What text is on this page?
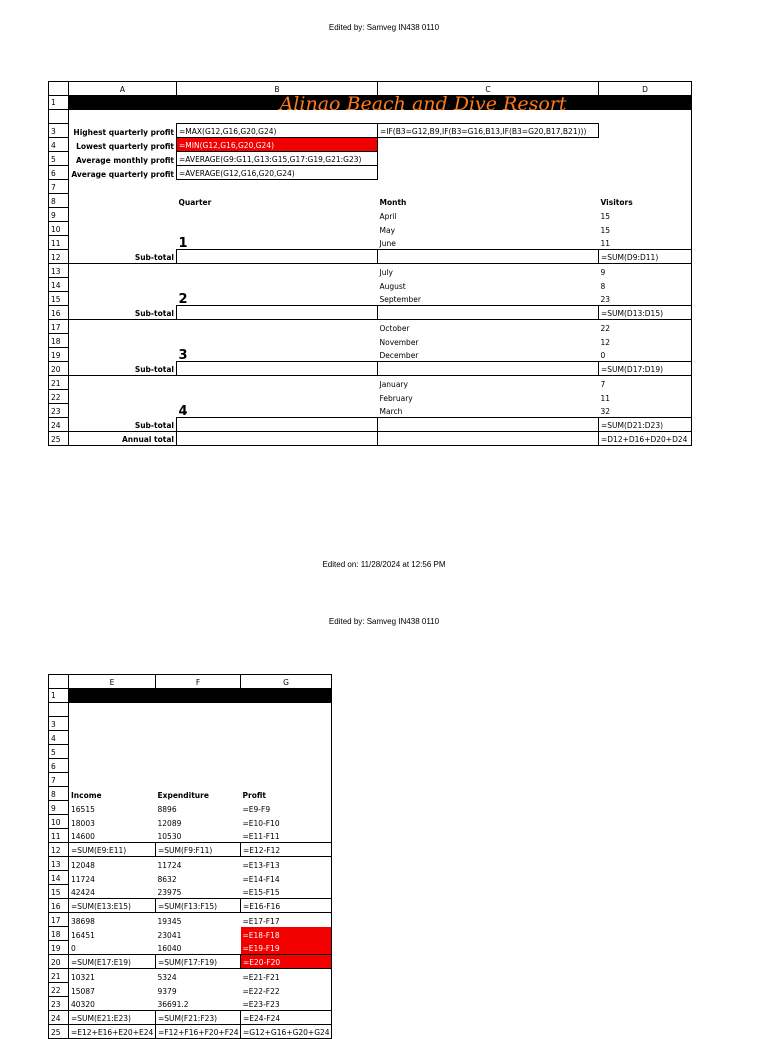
Edited by: Samveg IN438 0110
	A	B	C	D
1	Alinao Beach and Dive Resort			

3	Highest quarterly profit	=MAX(G12,G16,G20,G24)	=IF(B3=G12,B9,IF(B3=G16,B13,IF(B3=G20,B17,B21)))	
4	Lowest quarterly profit	=MIN(G12,G16,G20,G24)		
5	Average monthly profit	=AVERAGE(G9:G11,G13:G15,G17:G19,G21:G23)		
6	Average quarterly profit	=AVERAGE(G12,G16,G20,G24)		
7				
8		Quarter	Month	Visitors
9			April	15
10			May	15
11		1	June	11
12	Sub-total			=SUM(D9:D11)
13			July	9
14			August	8
15		2	September	23
16	Sub-total			=SUM(D13:D15)
17			October	22
18			November	12
19		3	December	0
20	Sub-total			=SUM(D17:D19)
21			January	7
22			February	11
23		4	March	32
24	Sub-total			=SUM(D21:D23)
25	Annual total			=D12+D16+D20+D24
Edited on: 11/28/2024 at 12:56 PM
Edited by: Samveg IN438 0110
	E	F	G
1			

3			
4			
5			
6			
7			
8	Income	Expenditure	Profit
9	16515	8896	=E9-F9
10	18003	12089	=E10-F10
11	14600	10530	=E11-F11
12	=SUM(E9:E11)	=SUM(F9:F11)	=E12-F12
13	12048	11724	=E13-F13
14	11724	8632	=E14-F14
15	42424	23975	=E15-F15
16	=SUM(E13:E15)	=SUM(F13:F15)	=E16-F16
17	38698	19345	=E17-F17
18	16451	23041	=E18-F18
19	0	16040	=E19-F19
20	=SUM(E17:E19)	=SUM(F17:F19)	=E20-F20
21	10321	5324	=E21-F21
22	15087	9379	=E22-F22
23	40320	36691.2	=E23-F23
24	=SUM(E21:E23)	=SUM(F21:F23)	=E24-F24
25	=E12+E16+E20+E24	=F12+F16+F20+F24	=G12+G16+G20+G24
